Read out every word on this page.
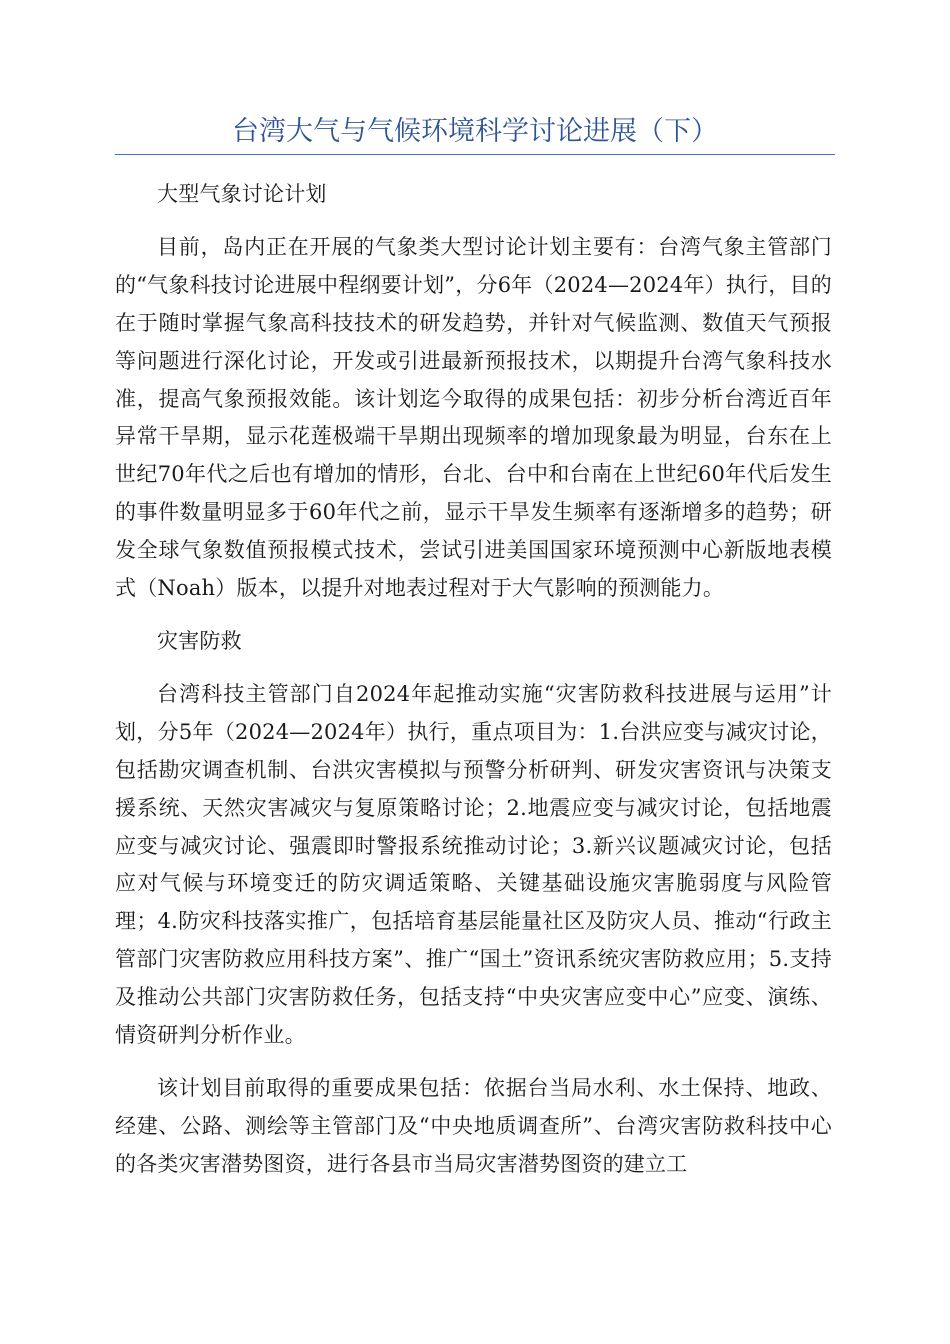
台湾大气与气候环境科学讨论进展（下）

大型气象讨论计划

目前，岛内正在开展的气象类大型讨论计划主要有：台湾气象主管部门的“气象科技讨论进展中程纲要计划”，分6年（2024—2024年）执行，目的在于随时掌握气象高科技技术的研发趋势，并针对气候监测、数值天气预报等问题进行深化讨论，开发或引进最新预报技术，以期提升台湾气象科技水准，提高气象预报效能。该计划迄今取得的成果包括：初步分析台湾近百年异常干旱期，显示花莲极端干旱期出现频率的增加现象最为明显，台东在上世纪70年代之后也有增加的情形，台北、台中和台南在上世纪60年代后发生的事件数量明显多于60年代之前，显示干旱发生频率有逐渐增多的趋势；研发全球气象数值预报模式技术，尝试引进美国国家环境预测中心新版地表模式（Noah）版本，以提升对地表过程对于大气影响的预测能力。

灾害防救

台湾科技主管部门自2024年起推动实施“灾害防救科技进展与运用”计划，分5年（2024—2024年）执行，重点项目为：1.台洪应变与减灾讨论，包括勘灾调查机制、台洪灾害模拟与预警分析研判、研发灾害资讯与决策支援系统、天然灾害减灾与复原策略讨论；2.地震应变与减灾讨论，包括地震应变与减灾讨论、强震即时警报系统推动讨论；3.新兴议题减灾讨论，包括应对气候与环境变迁的防灾调适策略、关键基础设施灾害脆弱度与风险管理；4.防灾科技落实推广，包括培育基层能量社区及防灾人员、推动“行政主管部门灾害防救应用科技方案”、推广“国土”资讯系统灾害防救应用；5.支持及推动公共部门灾害防救任务，包括支持“中央灾害应变中心”应变、演练、情资研判分析作业。

该计划目前取得的重要成果包括：依据台当局水利、水土保持、地政、经建、公路、测绘等主管部门及“中央地质调查所”、台湾灾害防救科技中心的各类灾害潜势图资，进行各县市当局灾害潜势图资的建立工
